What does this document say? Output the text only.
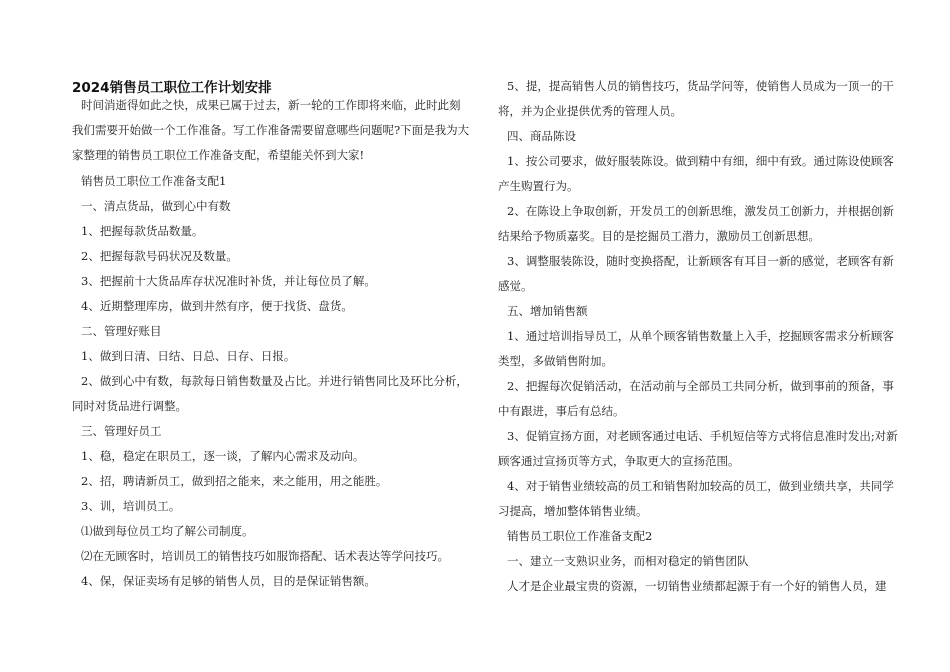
2024销售员工职位工作计划安排
时间消逝得如此之快，成果已属于过去，新一轮的工作即将来临，此时此刻
我们需要开始做一个工作准备。写工作准备需要留意哪些问题呢?下面是我为大
家整理的销售员工职位工作准备支配，希望能关怀到大家!
销售员工职位工作准备支配1
一、清点货品，做到心中有数
1、把握每款货品数量。
2、把握每款号码状况及数量。
3、把握前十大货品库存状况准时补货，并让每位员了解。
4、近期整理库房，做到井然有序，便于找货、盘货。
二、管理好账目
1、做到日清、日结、日总、日存、日报。
2、做到心中有数，每款每日销售数量及占比。并进行销售同比及环比分析，
同时对货品进行调整。
三、管理好员工
1、稳，稳定在职员工，逐一谈，了解内心需求及动向。
2、招，聘请新员工，做到招之能来，来之能用，用之能胜。
3、训，培训员工。
⑴做到每位员工均了解公司制度。
⑵在无顾客时，培训员工的销售技巧如服饰搭配、话术表达等学问技巧。
4、保，保证卖场有足够的销售人员，目的是保证销售额。
5、提，提高销售人员的销售技巧，货品学问等，使销售人员成为一顶一的干
将，并为企业提供优秀的管理人员。
四、商品陈设
1、按公司要求，做好服装陈设。做到精中有细，细中有致。通过陈设使顾客
产生购置行为。
2、在陈设上争取创新，开发员工的创新思维，激发员工创新力，并根据创新
结果给予物质嘉奖。目的是挖掘员工潜力，激励员工创新思想。
3、调整服装陈设，随时变换搭配，让新顾客有耳目一新的感觉，老顾客有新
感觉。
五、增加销售额
1、通过培训指导员工，从单个顾客销售数量上入手，挖掘顾客需求分析顾客
类型，多做销售附加。
2、把握每次促销活动，在活动前与全部员工共同分析，做到事前的预备，事
中有跟进，事后有总结。
3、促销宣扬方面，对老顾客通过电话、手机短信等方式将信息准时发出;对新
顾客通过宣扬页等方式，争取更大的宣扬范围。
4、对于销售业绩较高的员工和销售附加较高的员工，做到业绩共享，共同学
习提高，增加整体销售业绩。
销售员工职位工作准备支配2
一、建立一支熟识业务，而相对稳定的销售团队
人才是企业最宝贵的资源，一切销售业绩都起源于有一个好的销售人员，建
